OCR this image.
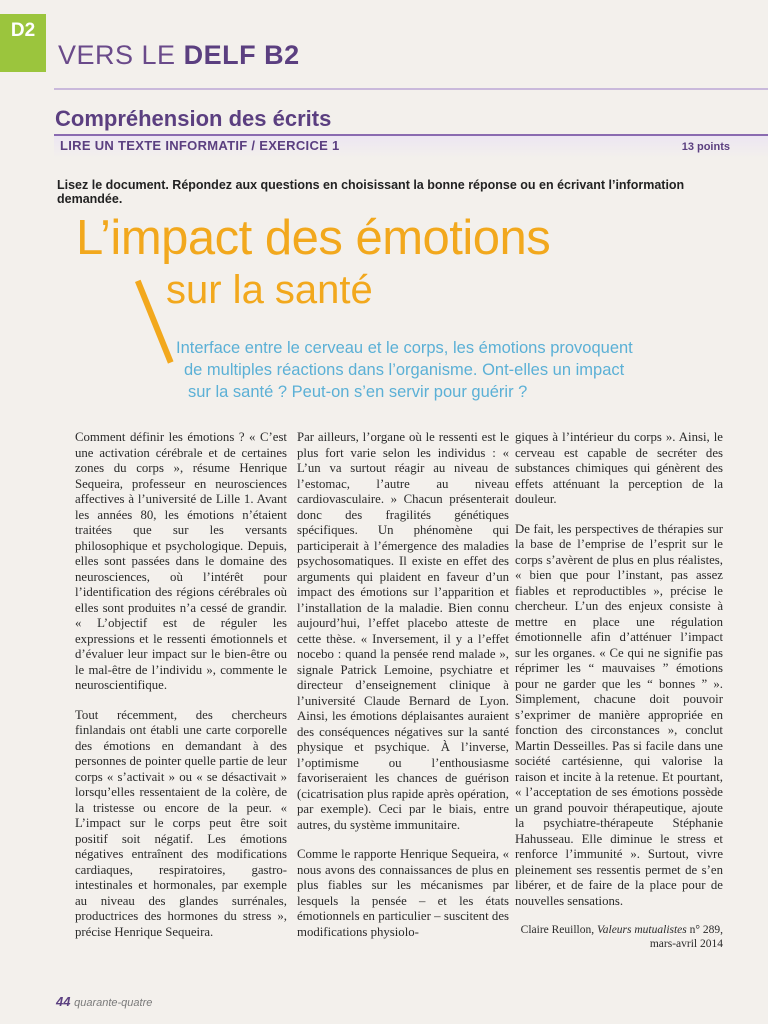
D2
VERS LE DELF B2
Compréhension des écrits
LIRE UN TEXTE INFORMATIF / EXERCICE 1	13 points
Lisez le document. Répondez aux questions en choisissant la bonne réponse ou en écrivant l’information demandée.
L’impact des émotions
sur la santé
Interface entre le cerveau et le corps, les émotions provoquent
de multiples réactions dans l’organisme. Ont-elles un impact
sur la santé ? Peut-on s’en servir pour guérir ?

Comment définir les émotions ? « C’est une activation cérébrale et de certaines zones du corps », résume Henrique Sequeira, professeur en neurosciences affectives à l’université de Lille 1. Avant les années 80, les émotions n’étaient traitées que sur les versants philosophique et psychologique. Depuis, elles sont passées dans le domaine des neurosciences, où l’intérêt pour l’identification des régions cérébrales où elles sont produites n’a cessé de grandir. « L’objectif est de réguler les expressions et le ressenti émotionnels et d’évaluer leur impact sur le bien-être ou le mal-être de l’individu », commente le neuroscientifique.

Tout récemment, des chercheurs finlandais ont établi une carte corporelle des émotions en demandant à des personnes de pointer quelle partie de leur corps « s’activait » ou « se désactivait » lorsqu’elles ressentaient de la colère, de la tristesse ou encore de la peur. « L’impact sur le corps peut être soit positif soit négatif. Les émotions négatives entraînent des modifications cardiaques, respiratoires, gastro-intestinales et hormonales, par exemple au niveau des glandes surrénales, productrices des hormones du stress », précise Henrique Sequeira.

Par ailleurs, l’organe où le ressenti est le plus fort varie selon les individus : « L’un va surtout réagir au niveau de l’estomac, l’autre au niveau cardiovasculaire. » Chacun présenterait donc des fragilités génétiques spécifiques. Un phénomène qui participerait à l’émergence des maladies psychosomatiques. Il existe en effet des arguments qui plaident en faveur d’un impact des émotions sur l’apparition et l’installation de la maladie. Bien connu aujourd’hui, l’effet placebo atteste de cette thèse. « Inversement, il y a l’effet nocebo : quand la pensée rend malade », signale Patrick Lemoine, psychiatre et directeur d’enseignement clinique à l’université Claude Bernard de Lyon. Ainsi, les émotions déplaisantes auraient des conséquences négatives sur la santé physique et psychique. À l’inverse, l’optimisme ou l’enthousiasme favoriseraient les chances de guérison (cicatrisation plus rapide après opération, par exemple). Ceci par le biais, entre autres, du système immunitaire.

Comme le rapporte Henrique Sequeira, « nous avons des connaissances de plus en plus fiables sur les mécanismes par lesquels la pensée – et les états émotionnels en particulier – suscitent des modifications physiolo-

giques à l’intérieur du corps ». Ainsi, le cerveau est capable de secréter des substances chimiques qui génèrent des effets atténuant la perception de la douleur.

De fait, les perspectives de thérapies sur la base de l’emprise de l’esprit sur le corps s’avèrent de plus en plus réalistes, « bien que pour l’instant, pas assez fiables et reproductibles », précise le chercheur. L’un des enjeux consiste à mettre en place une régulation émotionnelle afin d’atténuer l’impact sur les organes. « Ce qui ne signifie pas réprimer les “ mauvaises ” émotions pour ne garder que les “ bonnes ” ». Simplement, chacune doit pouvoir s’exprimer de manière appropriée en fonction des circonstances », conclut Martin Desseilles. Pas si facile dans une société cartésienne, qui valorise la raison et incite à la retenue. Et pourtant, « l’acceptation de ses émotions possède un grand pouvoir thérapeutique, ajoute la psychiatre-thérapeute Stéphanie Hahusseau. Elle diminue le stress et renforce l’immunité ». Surtout, vivre pleinement ses ressentis permet de s’en libérer, et de faire de la place pour de nouvelles sensations.

Claire Reuillon, Valeurs mutualistes n° 289,
mars-avril 2014

44 quarante-quatre
